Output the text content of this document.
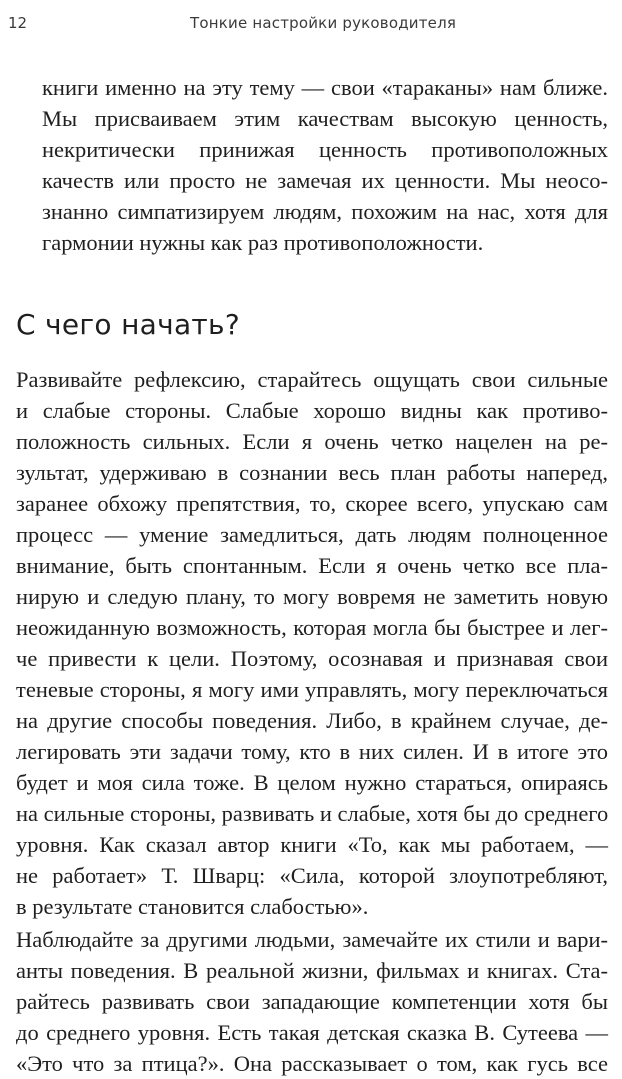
12	Тонкие настройки руководителя

книги именно на эту тему — свои «тараканы» нам ближе.
Мы присваиваем этим качествам высокую ценность,
некритически принижая ценность противоположных
качеств или просто не замечая их ценности. Мы неосо-
знанно симпатизируем людям, похожим на нас, хотя для
гармонии нужны как раз противоположности.

С чего начать?

Развивайте рефлексию, старайтесь ощущать свои сильные
и слабые стороны. Слабые хорошо видны как противо-
положность сильных. Если я очень четко нацелен на ре-
зультат, удерживаю в сознании весь план работы наперед,
заранее обхожу препятствия, то, скорее всего, упускаю сам
процесс — умение замедлиться, дать людям полноценное
внимание, быть спонтанным. Если я очень четко все пла-
нирую и следую плану, то могу вовремя не заметить новую
неожиданную возможность, которая могла бы быстрее и лег-
че привести к цели. Поэтому, осознавая и признавая свои
теневые стороны, я могу ими управлять, могу переключаться
на другие способы поведения. Либо, в крайнем случае, де-
легировать эти задачи тому, кто в них силен. И в итоге это
будет и моя сила тоже. В целом нужно стараться, опираясь
на сильные стороны, развивать и слабые, хотя бы до среднего
уровня. Как сказал автор книги «То, как мы работаем, —
не работает» Т. Шварц: «Сила, которой злоупотребляют,
в результате становится слабостью».

Наблюдайте за другими людьми, замечайте их стили и вари-
анты поведения. В реальной жизни, фильмах и книгах. Ста-
райтесь развивать свои западающие компетенции хотя бы
до среднего уровня. Есть такая детская сказка В. Сутеева —
«Это что за птица?». Она рассказывает о том, как гусь все
